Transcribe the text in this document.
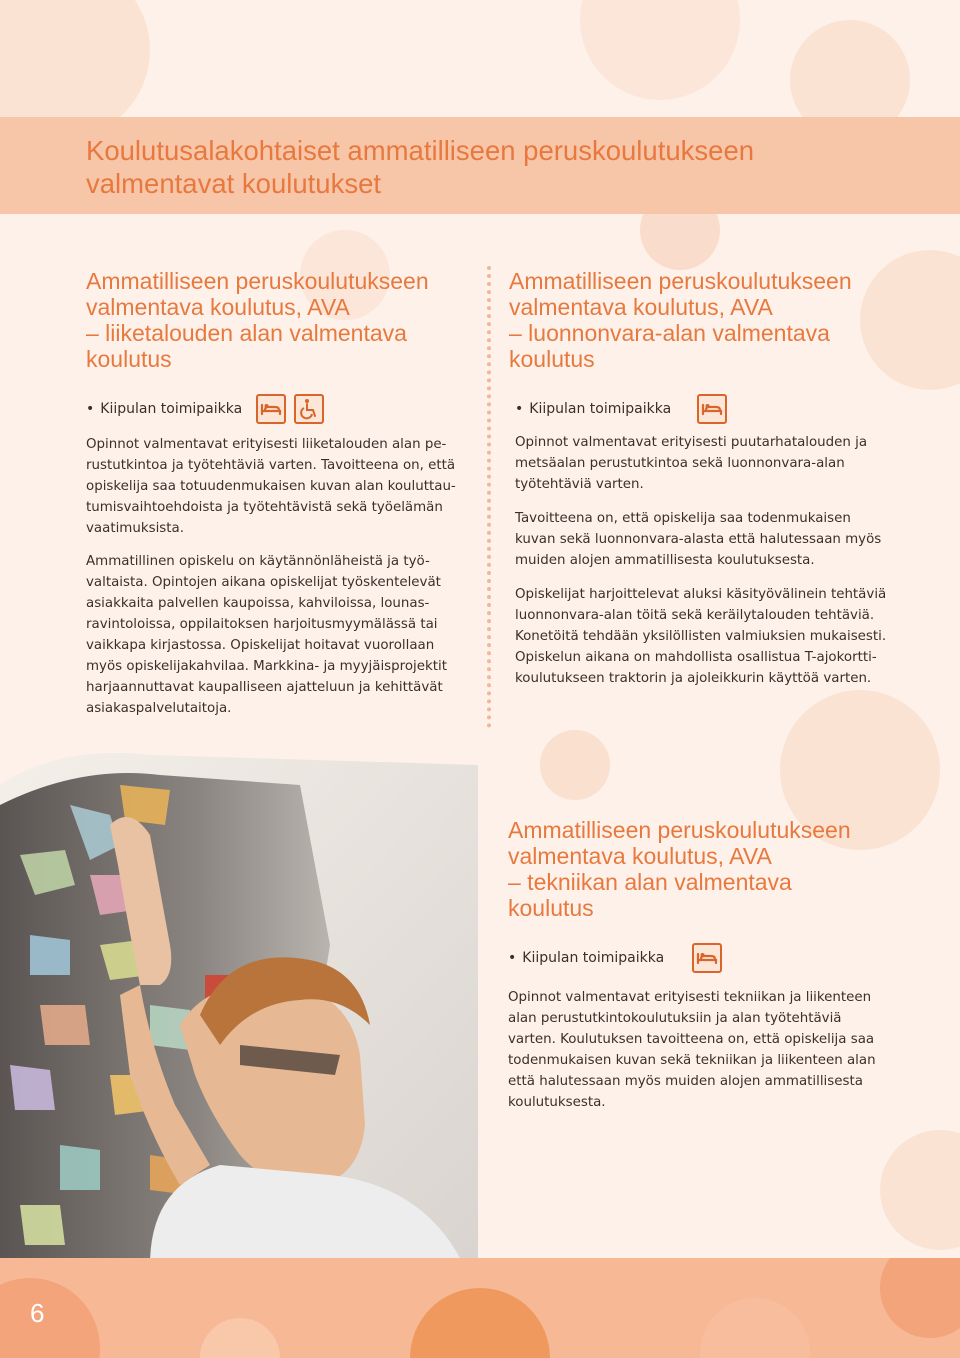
Koulutusalakohtaiset ammatilliseen peruskoulutukseen valmentavat koulutukset
Ammatilliseen peruskoulutukseen
valmentava koulutus, AVA
– liiketalouden alan valmentava
koulutus
• Kiipulan toimipaikka
Opinnot valmentavat erityisesti liiketalouden alan pe-
rustutkintoa ja työtehtäviä varten. Tavoitteena on, että
opiskelija saa totuudenmukaisen kuvan alan kouluttau-
tumisvaihtoehdoista ja työtehtävistä sekä työelämän
vaatimuksista.
Ammatillinen opiskelu on käytännönläheistä ja työ-
valtaista. Opintojen aikana opiskelijat työskentelevät
asiakkaita palvellen kaupoissa, kahviloissa, lounas-
ravintoloissa, oppilaitoksen harjoitusmyymälässä tai
vaikkapa kirjastossa. Opiskelijat hoitavat vuorollaan
myös opiskelijakahvilaa. Markkina- ja myyjäisprojektit
harjaannuttavat kaupalliseen ajatteluun ja kehittävät
asiakaspalvelutaitoja.
Ammatilliseen peruskoulutukseen
valmentava koulutus, AVA
– luonnonvara-alan valmentava
koulutus
• Kiipulan toimipaikka
Opinnot valmentavat erityisesti puutarhatalouden ja
metsäalan perustutkintoa sekä luonnonvara-alan
työtehtäviä varten.
Tavoitteena on, että opiskelija saa todenmukaisen
kuvan sekä luonnonvara-alasta että halutessaan myös
muiden alojen ammatillisesta koulutuksesta.
Opiskelijat harjoittelevat aluksi käsityövälinein tehtäviä
luonnonvara-alan töitä sekä keräilytalouden tehtäviä.
Konetöitä tehdään yksilöllisten valmiuksien mukaisesti.
Opiskelun aikana on mahdollista osallistua T-ajokortti-
koulutukseen traktorin ja ajoleikkurin käyttöä varten.
Ammatilliseen peruskoulutukseen
valmentava koulutus, AVA
– tekniikan alan valmentava
koulutus
• Kiipulan toimipaikka
Opinnot valmentavat erityisesti tekniikan ja liikenteen
alan perustutkintokoulutuksiin ja alan työtehtäviä
varten. Koulutuksen tavoitteena on, että opiskelija saa
todenmukaisen kuvan sekä tekniikan ja liikenteen alan
että halutessaan myös muiden alojen ammatillisesta
koulutuksesta.
6
